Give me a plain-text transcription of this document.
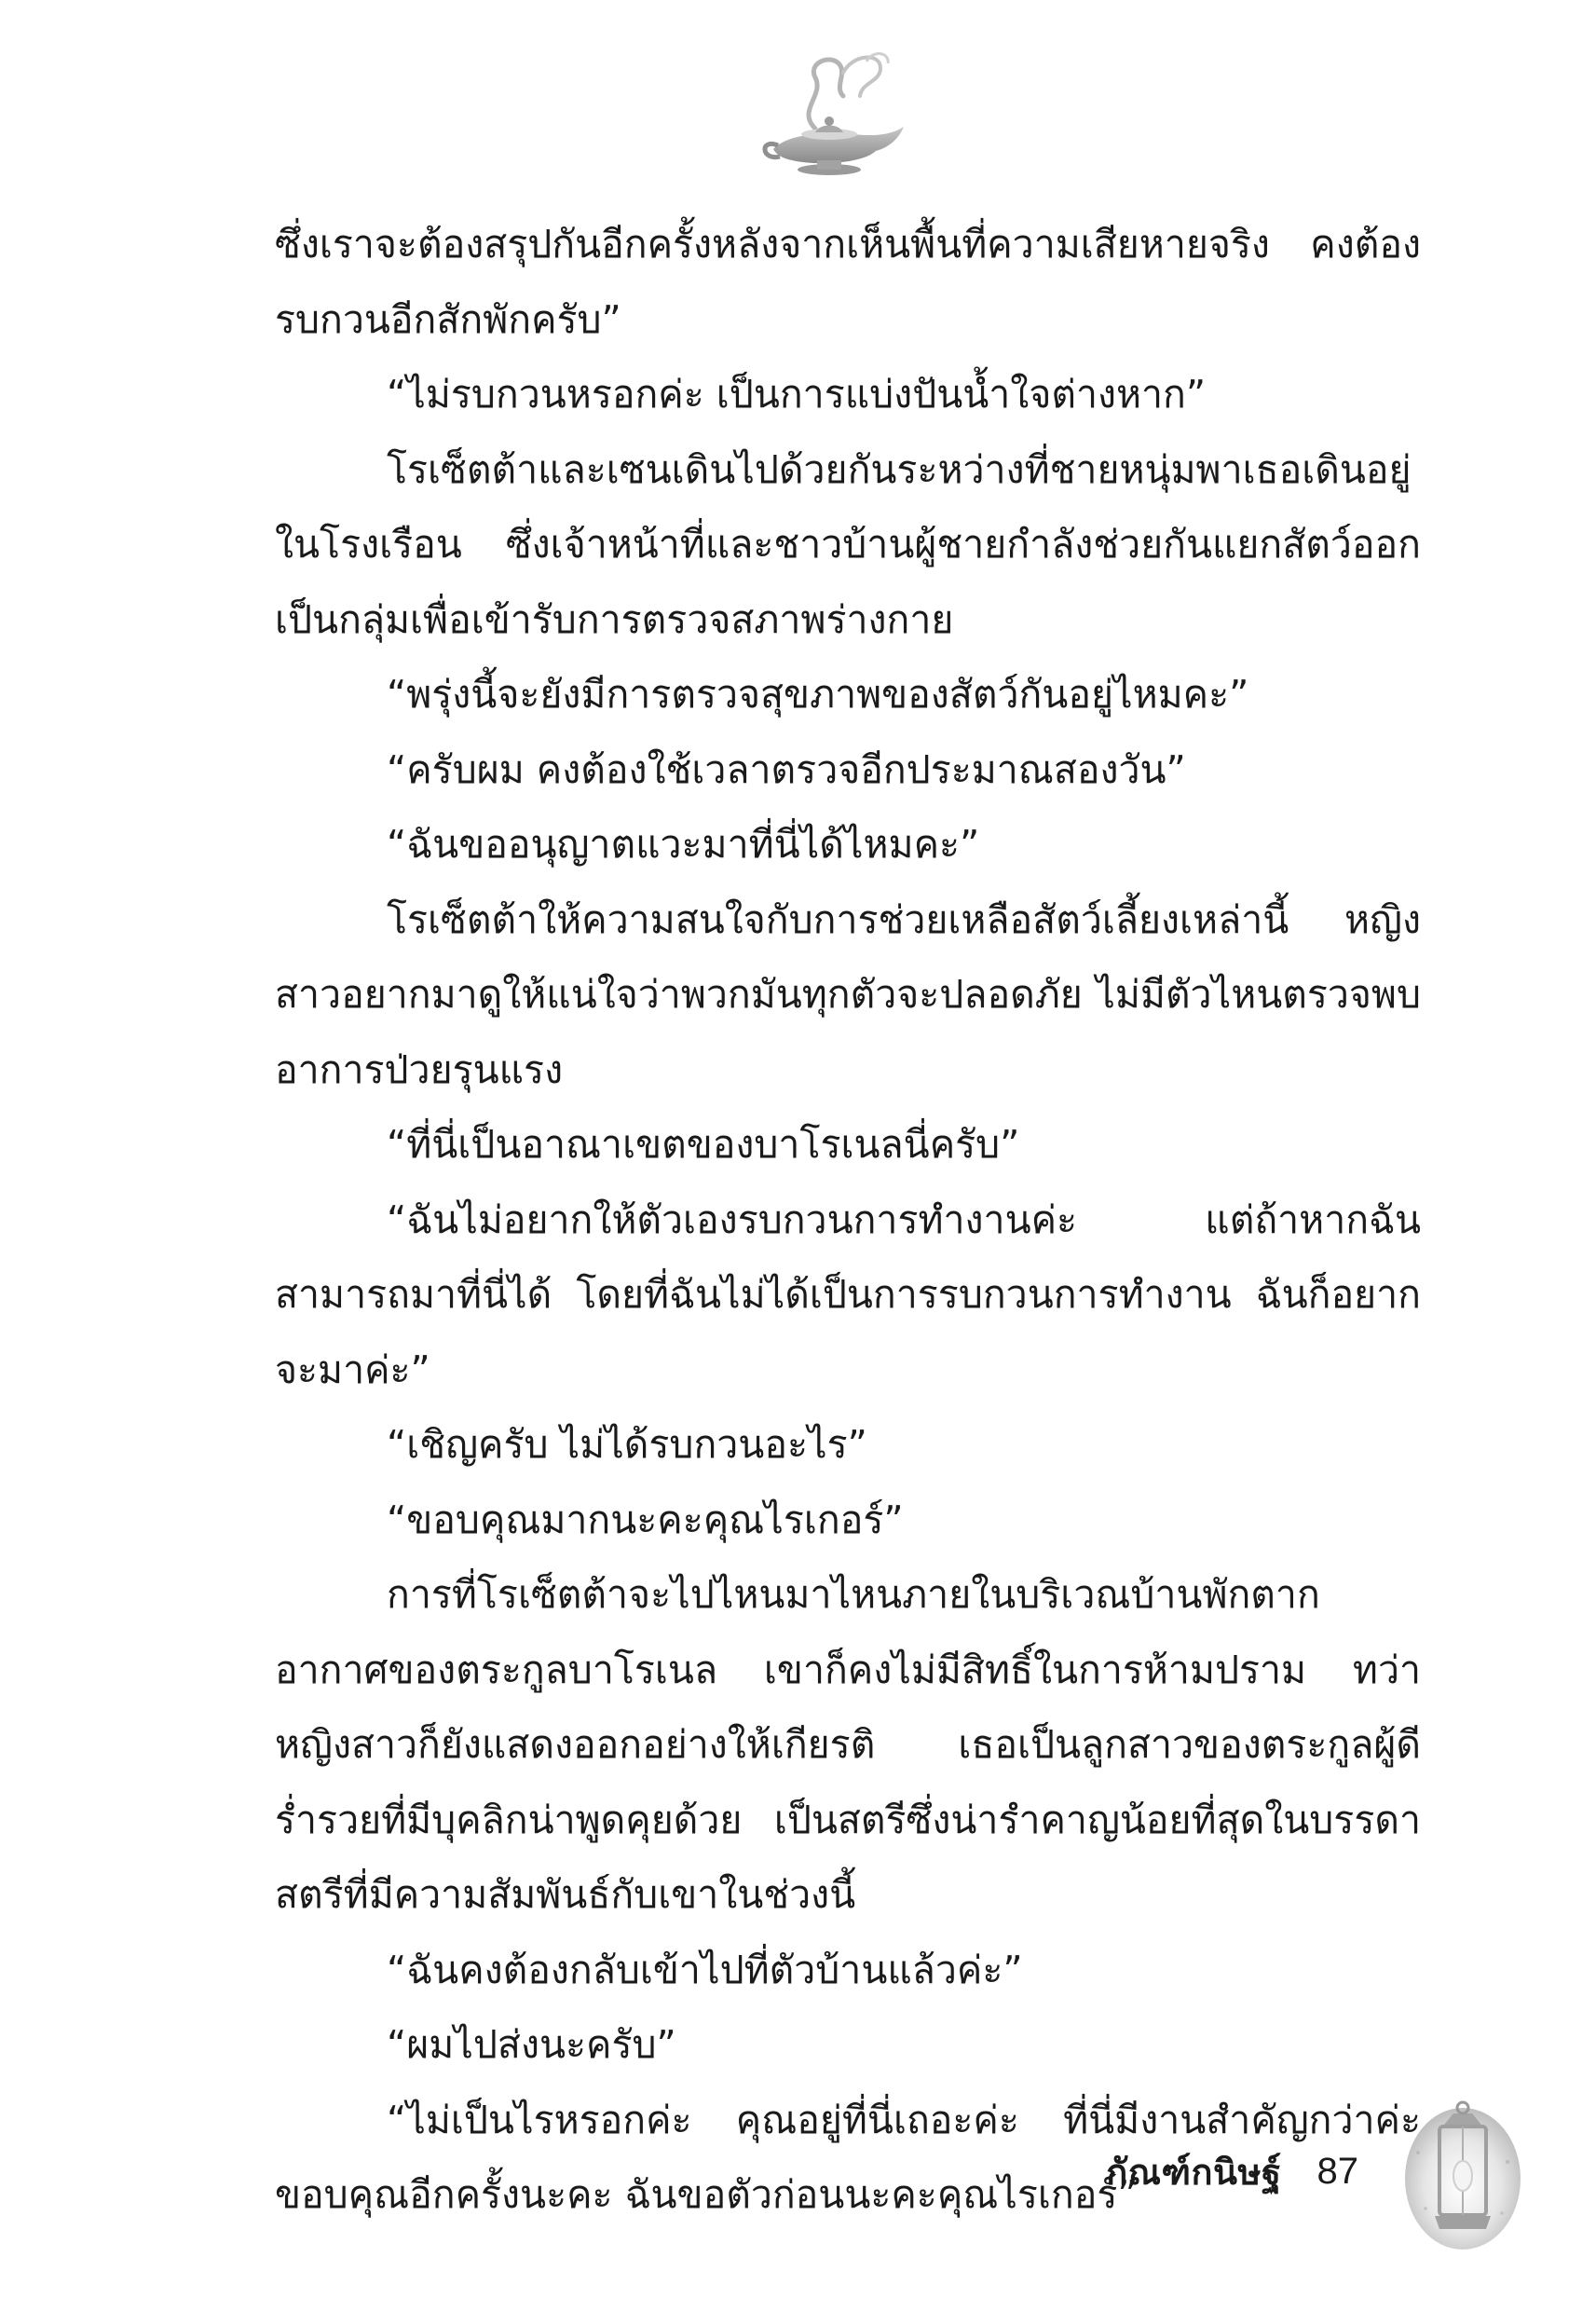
ซึ่งเราจะต้องสรุปกันอีกครั้งหลังจากเห็นพื้นที่ความเสียหายจริง คงต้องรบกวนอีกสักพักครับ”

“ไม่รบกวนหรอกค่ะ เป็นการแบ่งปันน้ำใจต่างหาก”

โรเซ็ตต้าและเซนเดินไปด้วยกันระหว่างที่ชายหนุ่มพาเธอเดินอยู่ในโรงเรือน ซึ่งเจ้าหน้าที่และชาวบ้านผู้ชายกำลังช่วยกันแยกสัตว์ออกเป็นกลุ่มเพื่อเข้ารับการตรวจสภาพร่างกาย

“พรุ่งนี้จะยังมีการตรวจสุขภาพของสัตว์กันอยู่ไหมคะ”

“ครับผม คงต้องใช้เวลาตรวจอีกประมาณสองวัน”

“ฉันขออนุญาตแวะมาที่นี่ได้ไหมคะ”

โรเซ็ตต้าให้ความสนใจกับการช่วยเหลือสัตว์เลี้ยงเหล่านี้ หญิงสาวอยากมาดูให้แน่ใจว่าพวกมันทุกตัวจะปลอดภัย ไม่มีตัวไหนตรวจพบอาการป่วยรุนแรง

“ที่นี่เป็นอาณาเขตของบาโรเนลนี่ครับ”

“ฉันไม่อยากให้ตัวเองรบกวนการทำงานค่ะ แต่ถ้าหากฉันสามารถมาที่นี่ได้ โดยที่ฉันไม่ได้เป็นการรบกวนการทำงาน ฉันก็อยากจะมาค่ะ”

“เชิญครับ ไม่ได้รบกวนอะไร”

“ขอบคุณมากนะคะคุณไรเกอร์”

การที่โรเซ็ตต้าจะไปไหนมาไหนภายในบริเวณบ้านพักตากอากาศของตระกูลบาโรเนล เขาก็คงไม่มีสิทธิ์ในการห้ามปราม ทว่าหญิงสาวก็ยังแสดงออกอย่างให้เกียรติ เธอเป็นลูกสาวของตระกูลผู้ดีร่ำรวยที่มีบุคลิกน่าพูดคุยด้วย เป็นสตรีซึ่งน่ารำคาญน้อยที่สุดในบรรดาสตรีที่มีความสัมพันธ์กับเขาในช่วงนี้

“ฉันคงต้องกลับเข้าไปที่ตัวบ้านแล้วค่ะ”

“ผมไปส่งนะครับ”

“ไม่เป็นไรหรอกค่ะ คุณอยู่ที่นี่เถอะค่ะ ที่นี่มีงานสำคัญกว่าค่ะ ขอบคุณอีกครั้งนะคะ ฉันขอตัวก่อนนะคะคุณไรเกอร์”

กัณฑ์กนิษฐ์ 87
